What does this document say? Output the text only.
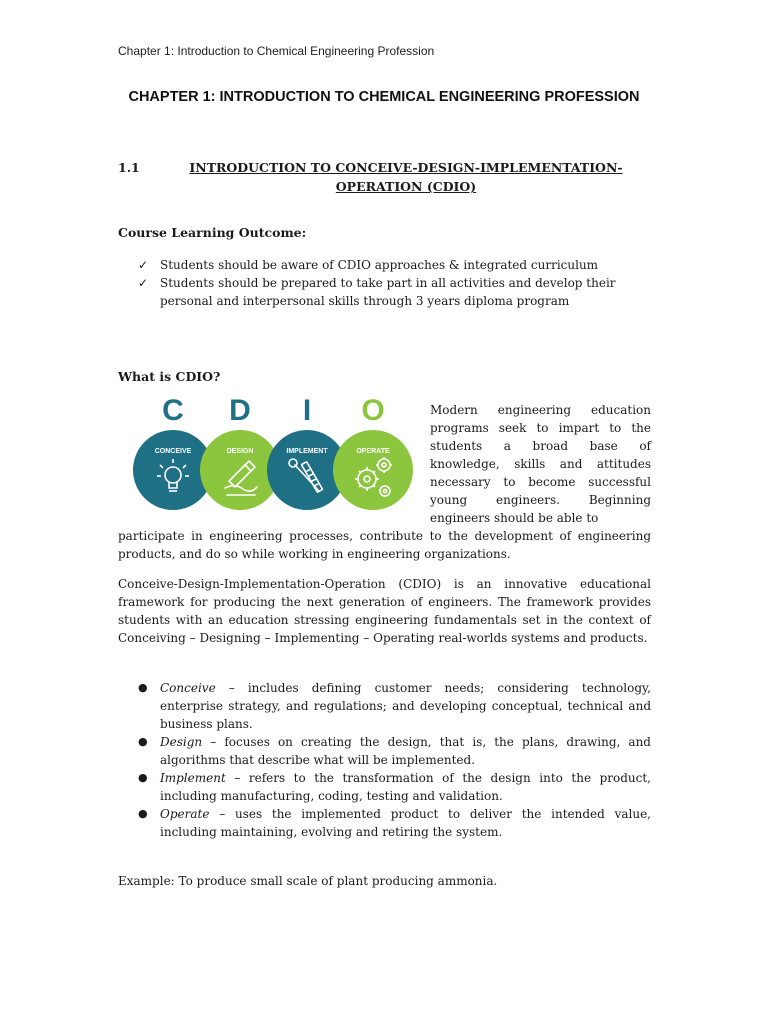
Chapter 1: Introduction to Chemical Engineering Profession
CHAPTER 1: INTRODUCTION TO CHEMICAL ENGINEERING PROFESSION
1.1	INTRODUCTION TO CONCEIVE-DESIGN-IMPLEMENTATION-OPERATION (CDIO)
Course Learning Outcome:
✓ Students should be aware of CDIO approaches & integrated curriculum
✓ Students should be prepared to take part in all activities and develop their personal and interpersonal skills through 3 years diploma program
What is CDIO?
C D I O
CONCEIVE	DESIGN	IMPLEMENT	OPERATE
Modern engineering education programs seek to impart to the students a broad base of knowledge, skills and attitudes necessary to become successful young engineers. Beginning engineers should be able to
participate in engineering processes, contribute to the development of engineering products, and do so while working in engineering organizations.
Conceive-Design-Implementation-Operation (CDIO) is an innovative educational framework for producing the next generation of engineers. The framework provides students with an education stressing engineering fundamentals set in the context of Conceiving – Designing – Implementing – Operating real-worlds systems and products.
● Conceive – includes defining customer needs; considering technology, enterprise strategy, and regulations; and developing conceptual, technical and business plans.
● Design – focuses on creating the design, that is, the plans, drawing, and algorithms that describe what will be implemented.
● Implement – refers to the transformation of the design into the product, including manufacturing, coding, testing and validation.
● Operate – uses the implemented product to deliver the intended value, including maintaining, evolving and retiring the system.
Example: To produce small scale of plant producing ammonia.
